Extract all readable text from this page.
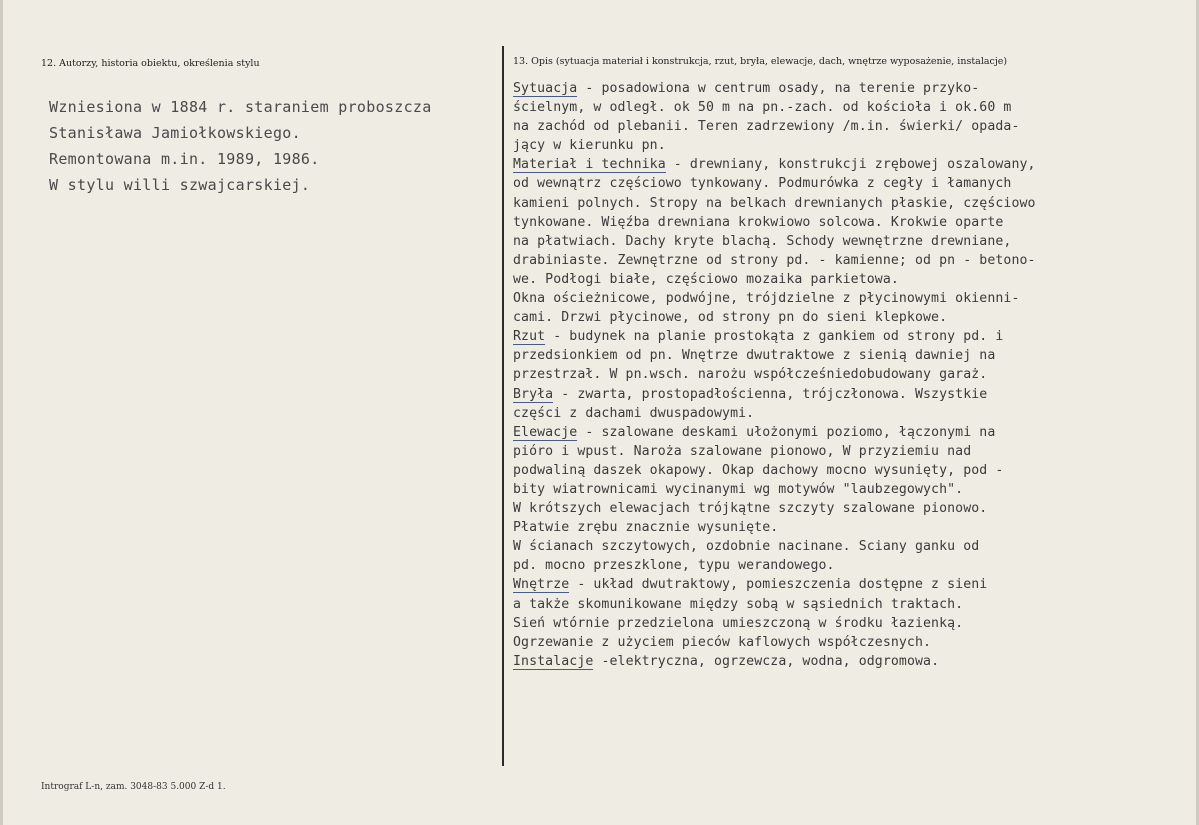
12. Autorzy, historia obiektu, określenia stylu	13. Opis (sytuacja materiał i konstrukcja, rzut, bryła, elewacje, dach, wnętrze wyposażenie, instalacje)
Wzniesiona w 1884 r. staraniem proboszcza
Stanisława Jamiołkowskiego.
Remontowana m.in. 1989, 1986.
W stylu willi szwajcarskiej.
Sytuacja - posadowiona w centrum osady, na terenie przyko-
ścielnym, w odległ. ok 50 m na pn.-zach. od kościoła i ok.60 m
na zachód od plebanii. Teren zadrzewiony /m.in. świerki/ opada-
jący w kierunku pn.
Materiał i technika - drewniany, konstrukcji zrębowej oszalowany,
od wewnątrz częściowo tynkowany. Podmurówka z cegły i łamanych
kamieni polnych. Stropy na belkach drewnianych płaskie, częściowo
tynkowane. Więźba drewniana krokwiowo solcowa. Krokwie oparte
na płatwiach. Dachy kryte blachą. Schody wewnętrzne drewniane,
drabiniaste. Zewnętrzne od strony pd. - kamienne; od pn - betono-
we. Podłogi białe, częściowo mozaika parkietowa.
Okna ościeżnicowe, podwójne, trójdzielne z płycinowymi okienni-
cami. Drzwi płycinowe, od strony pn do sieni klepkowe.
Rzut - budynek na planie prostokąta z gankiem od strony pd. i
przedsionkiem od pn. Wnętrze dwutraktowe z sienią dawniej na
przestrzał. W pn.wsch. narożu współcześniedobudowany garaż.
Bryła - zwarta, prostopadłościenna, trójczłonowa. Wszystkie
części z dachami dwuspadowymi.
Elewacje - szalowane deskami ułożonymi poziomo, łączonymi na
pióro i wpust. Naroża szalowane pionowo, W przyziemiu nad
podwaliną daszek okapowy. Okap dachowy mocno wysunięty, pod -
bity wiatrownicami wycinanymi wg motywów "laubzegowych".
W krótszych elewacjach trójkątne szczyty szalowane pionowo.
Płatwie zrębu znacznie wysunięte.
W ścianach szczytowych, ozdobnie nacinane. Sciany ganku od
pd. mocno przeszklone, typu werandowego.
Wnętrze - układ dwutraktowy, pomieszczenia dostępne z sieni
a także skomunikowane między sobą w sąsiednich traktach.
Sień wtórnie przedzielona umieszczoną w środku łazienką.
Ogrzewanie z użyciem pieców kaflowych współczesnych.
Instalacje -elektryczna, ogrzewcza, wodna, odgromowa.
Intrograf L-n, zam. 3048-83 5.000 Z-d 1.
